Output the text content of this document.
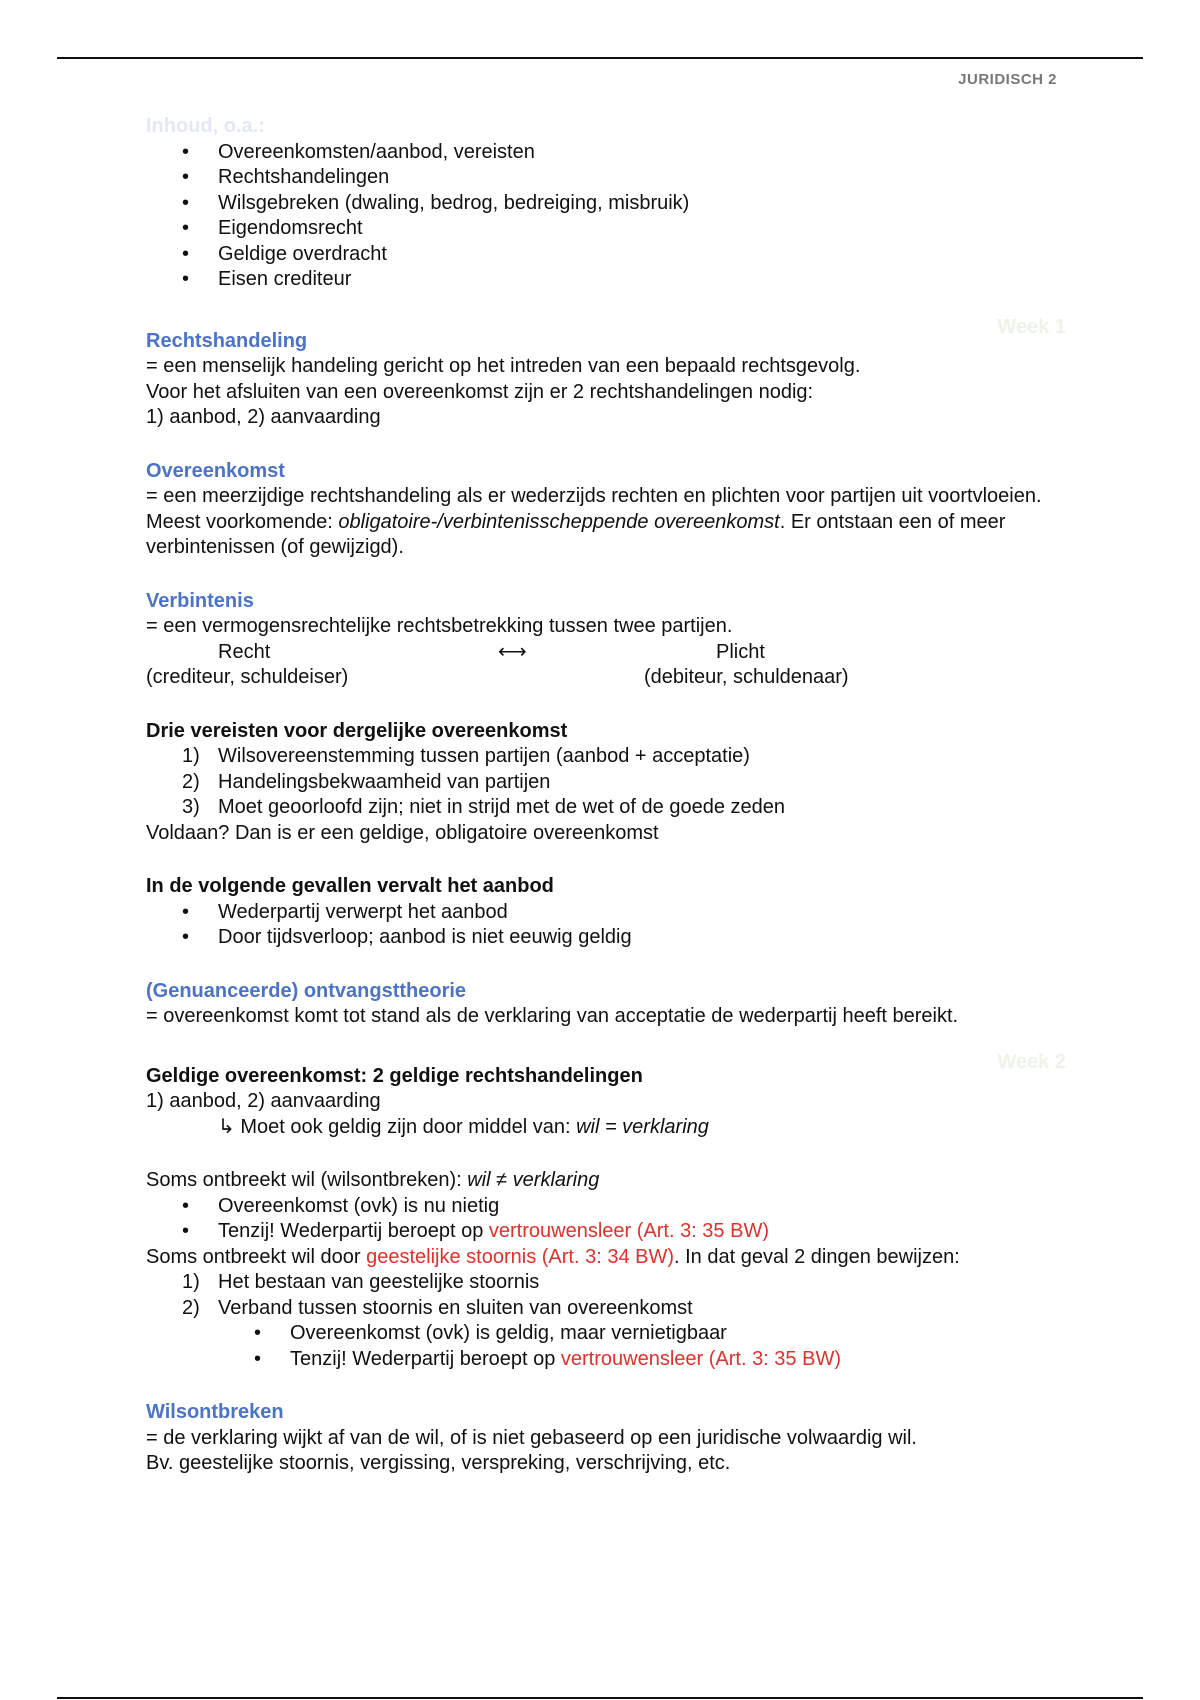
JURIDISCH 2
Inhoud, o.a.:
• Overeenkomsten/aanbod, vereisten
• Rechtshandelingen
• Wilsgebreken (dwaling, bedrog, bedreiging, misbruik)
• Eigendomsrecht
• Geldige overdracht
• Eisen crediteur
Week 1
Rechtshandeling
= een menselijk handeling gericht op het intreden van een bepaald rechtsgevolg.
Voor het afsluiten van een overeenkomst zijn er 2 rechtshandelingen nodig:
1) aanbod, 2) aanvaarding
Overeenkomst
= een meerzijdige rechtshandeling als er wederzijds rechten en plichten voor partijen uit voortvloeien. Meest voorkomende: obligatoire-/verbintenisscheppende overeenkomst. Er ontstaan een of meer verbintenissen (of gewijzigd).
Verbintenis
= een vermogensrechtelijke rechtsbetrekking tussen twee partijen.
Recht	⟷	Plicht
(crediteur, schuldeiser)	(debiteur, schuldenaar)
Drie vereisten voor dergelijke overeenkomst
1) Wilsovereenstemming tussen partijen (aanbod + acceptatie)
2) Handelingsbekwaamheid van partijen
3) Moet geoorloofd zijn; niet in strijd met de wet of de goede zeden
Voldaan? Dan is er een geldige, obligatoire overeenkomst
In de volgende gevallen vervalt het aanbod
• Wederpartij verwerpt het aanbod
• Door tijdsverloop; aanbod is niet eeuwig geldig
(Genuanceerde) ontvangsttheorie
= overeenkomst komt tot stand als de verklaring van acceptatie de wederpartij heeft bereikt.
Week 2
Geldige overeenkomst: 2 geldige rechtshandelingen
1) aanbod, 2) aanvaarding
↳ Moet ook geldig zijn door middel van: wil = verklaring
Soms ontbreekt wil (wilsontbreken): wil ≠ verklaring
• Overeenkomst (ovk) is nu nietig
• Tenzij! Wederpartij beroept op vertrouwensleer (Art. 3: 35 BW)
Soms ontbreekt wil door geestelijke stoornis (Art. 3: 34 BW). In dat geval 2 dingen bewijzen:
1) Het bestaan van geestelijke stoornis
2) Verband tussen stoornis en sluiten van overeenkomst
• Overeenkomst (ovk) is geldig, maar vernietigbaar
• Tenzij! Wederpartij beroept op vertrouwensleer (Art. 3: 35 BW)
Wilsontbreken
= de verklaring wijkt af van de wil, of is niet gebaseerd op een juridische volwaardig wil.
Bv. geestelijke stoornis, vergissing, verspreking, verschrijving, etc.
